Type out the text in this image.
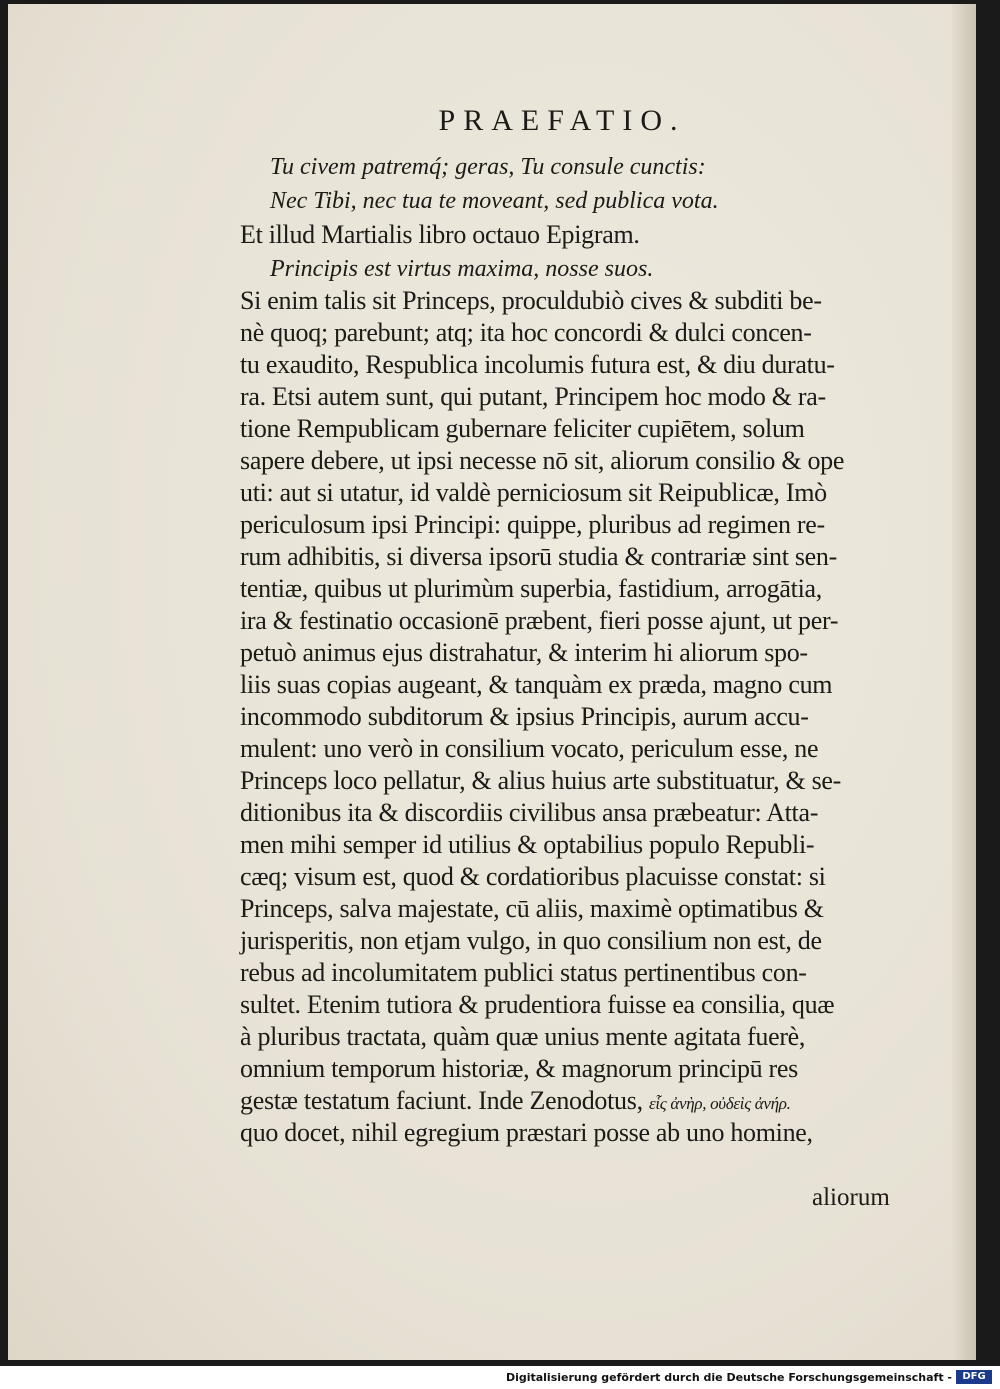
PRAEFATIO.
Tu civem patremq́; geras, Tu consule cunctis:
Nec Tibi, nec tua te moveant, sed publica vota.
Et illud Martialis libro octauo Epigram.
Principis est virtus maxima, nosse suos.
Si enim talis sit Princeps, proculdubiò cives & subditi be-
nè quoq; parebunt; atq; ita hoc concordi & dulci concen-
tu exaudito, Respublica incolumis futura est, & diu duratu-
ra. Etsi autem sunt, qui putant, Principem hoc modo & ra-
tione Rempublicam gubernare feliciter cupiētem, solum
sapere debere, ut ipsi necesse nō sit, aliorum consilio & ope
uti: aut si utatur, id valdè perniciosum sit Reipublicæ, Imò
periculosum ipsi Principi: quippe, pluribus ad regimen re-
rum adhibitis, si diversa ipsorū studia & contrariæ sint sen-
tentiæ, quibus ut plurimùm superbia, fastidium, arrogātia,
ira & festinatio occasionē præbent, fieri posse ajunt, ut per-
petuò animus ejus distrahatur, & interim hi aliorum spo-
liis suas copias augeant, & tanquàm ex præda, magno cum
incommodo subditorum & ipsius Principis, aurum accu-
mulent: uno verò in consilium vocato, periculum esse, ne
Princeps loco pellatur, & alius huius arte substituatur, & se-
ditionibus ita & discordiis civilibus ansa præbeatur: Atta-
men mihi semper id utilius & optabilius populo Republi-
cæq; visum est, quod & cordatioribus placuisse constat: si
Princeps, salva majestate, cū aliis, maximè optimatibus &
jurisperitis, non etjam vulgo, in quo consilium non est, de
rebus ad incolumitatem publici status pertinentibus con-
sultet. Etenim tutiora & prudentiora fuisse ea consilia, quæ
à pluribus tractata, quàm quæ unius mente agitata fuerè,
omnium temporum historiæ, & magnorum principū res
gestæ testatum faciunt. Inde Zenodotus, εἷς ἀνὴρ, οὐδεὶς ἀνήρ.
quo docet, nihil egregium præstari posse ab uno homine,
aliorum
Digitalisierung gefördert durch die Deutsche Forschungsgemeinschaft -	DFG
